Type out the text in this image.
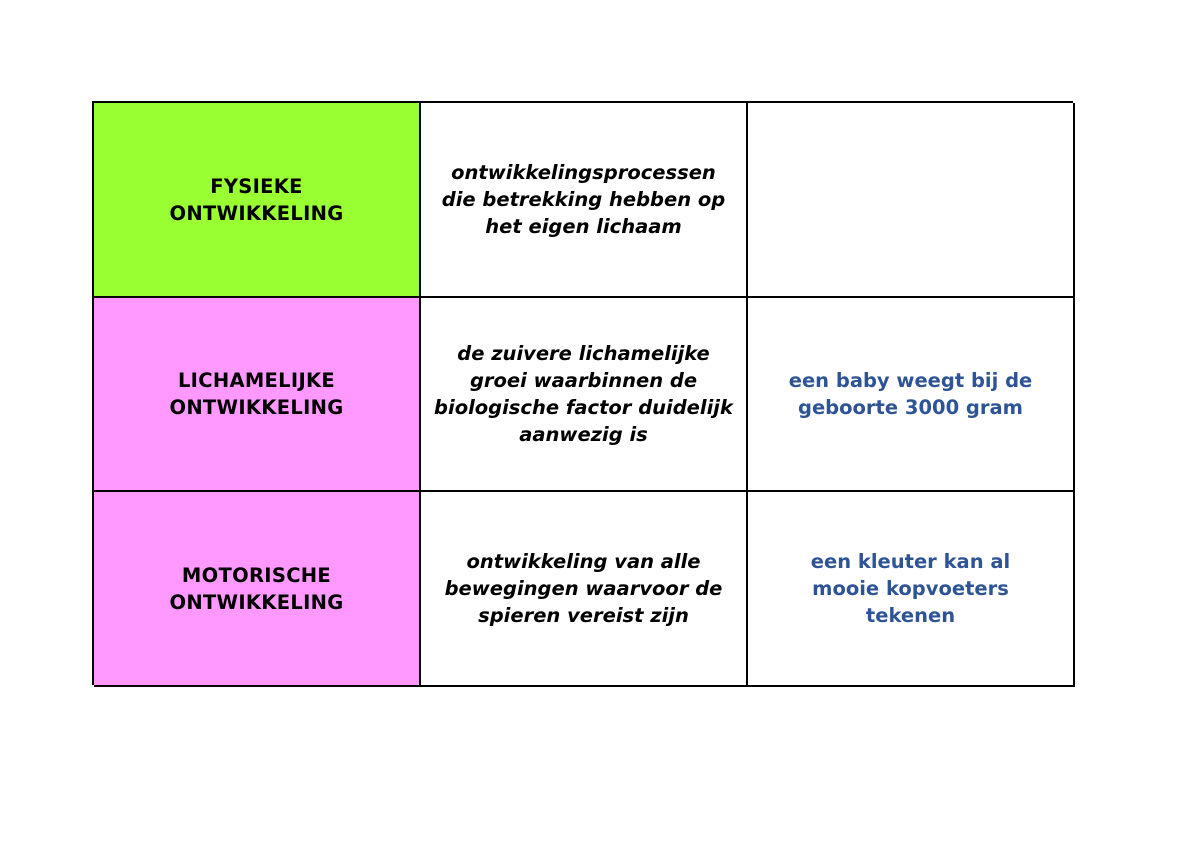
FYSIEKE ONTWIKKELING
ontwikkelingsprocessen die betrekking hebben op het eigen lichaam
LICHAMELIJKE ONTWIKKELING
de zuivere lichamelijke groei waarbinnen de biologische factor duidelijk aanwezig is
een baby weegt bij de geboorte 3000 gram
MOTORISCHE ONTWIKKELING
ontwikkeling van alle bewegingen waarvoor de spieren vereist zijn
een kleuter kan al mooie kopvoeters tekenen
